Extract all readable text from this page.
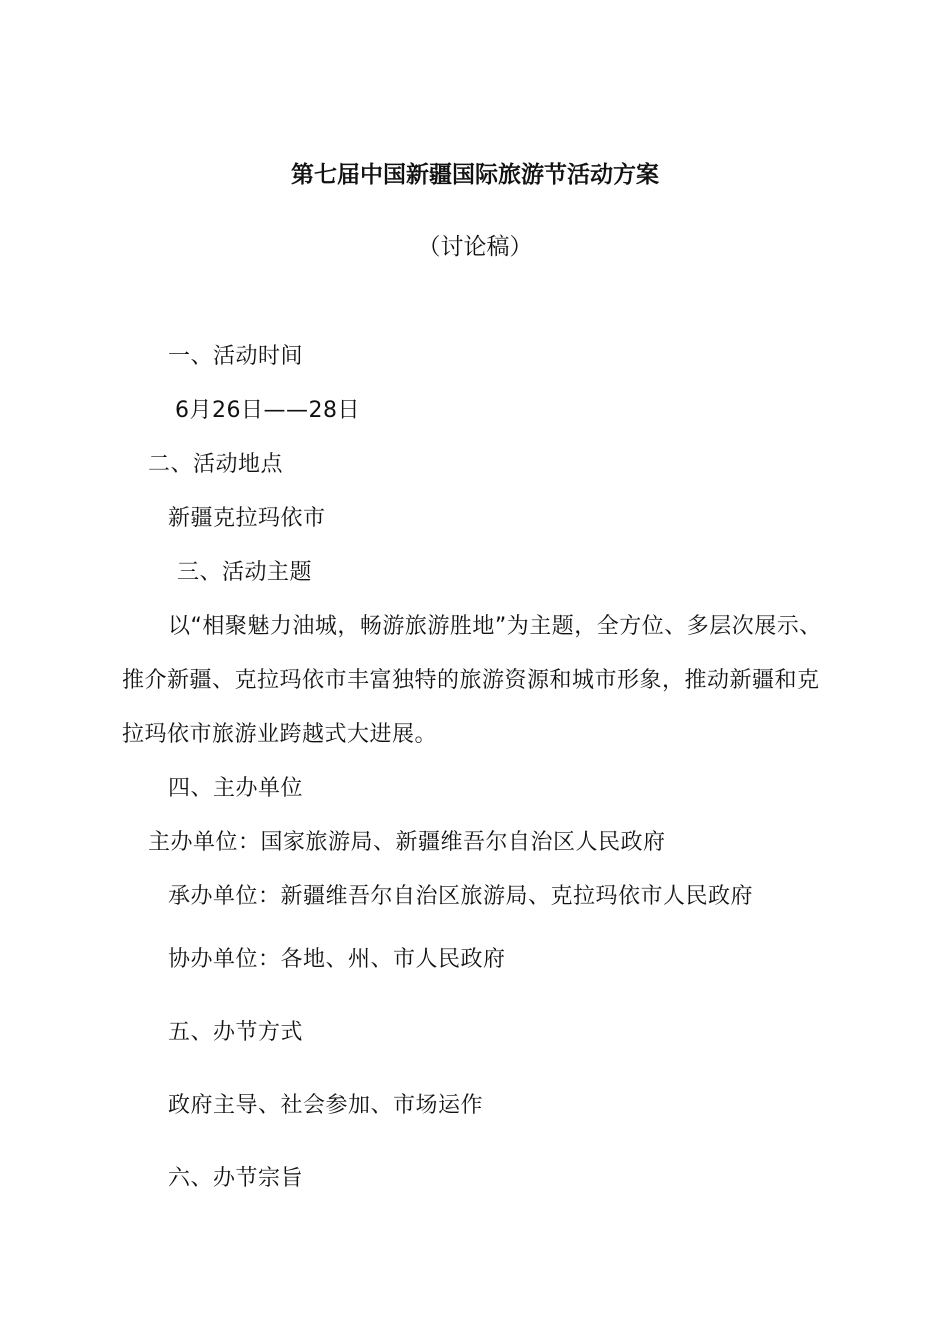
第七届中国新疆国际旅游节活动方案
（讨论稿）
一、活动时间
6月26日——28日
二、活动地点
新疆克拉玛依市
三、活动主题
以“相聚魅力油城，畅游旅游胜地”为主题，全方位、多层次展示、
推介新疆、克拉玛依市丰富独特的旅游资源和城市形象，推动新疆和克
拉玛依市旅游业跨越式大进展。
四、主办单位
主办单位：国家旅游局、新疆维吾尔自治区人民政府
承办单位：新疆维吾尔自治区旅游局、克拉玛依市人民政府
协办单位：各地、州、市人民政府
五、办节方式
政府主导、社会参加、市场运作
六、办节宗旨
